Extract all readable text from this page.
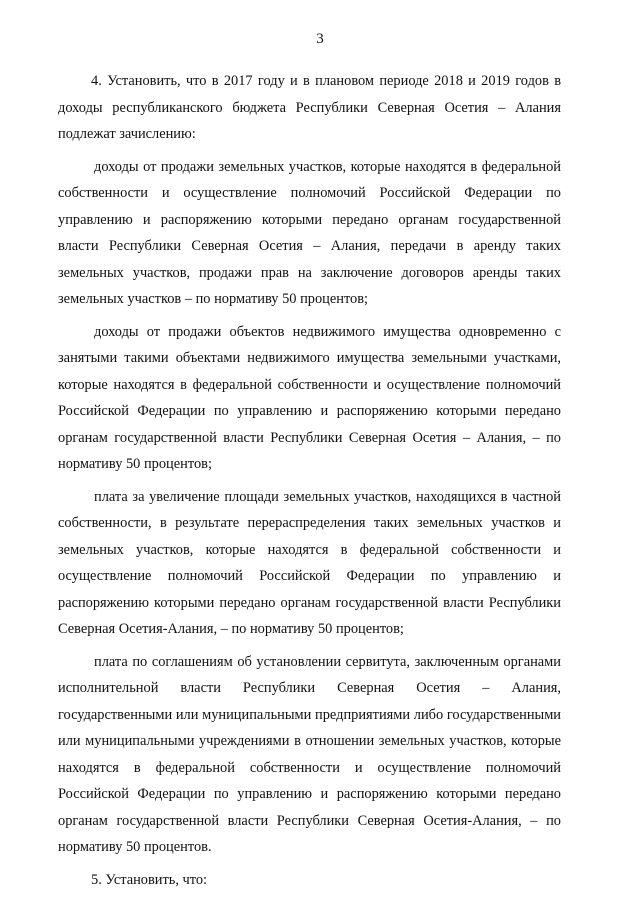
3

4. Установить, что в 2017 году и в плановом периоде 2018 и 2019 годов в доходы республиканского бюджета Республики Северная Осетия – Алания подлежат зачислению:

доходы от продажи земельных участков, которые находятся в федеральной собственности и осуществление полномочий Российской Федерации по управлению и распоряжению которыми передано органам государственной власти Республики Северная Осетия – Алания, передачи в аренду таких земельных участков, продажи прав на заключение договоров аренды таких земельных участков – по нормативу 50 процентов;

доходы от продажи объектов недвижимого имущества одновременно с занятыми такими объектами недвижимого имущества земельными участками, которые находятся в федеральной собственности и осуществление полномочий Российской Федерации по управлению и распоряжению которыми передано органам государственной власти Республики Северная Осетия – Алания, – по нормативу 50 процентов;

плата за увеличение площади земельных участков, находящихся в частной собственности, в результате перераспределения таких земельных участков и земельных участков, которые находятся в федеральной собственности и осуществление полномочий Российской Федерации по управлению и распоряжению которыми передано органам государственной власти Республики Северная Осетия-Алания, – по нормативу 50 процентов;

плата по соглашениям об установлении сервитута, заключенным органами исполнительной власти Республики Северная Осетия – Алания, государственными или муниципальными предприятиями либо государственными или муниципальными учреждениями в отношении земельных участков, которые находятся в федеральной собственности и осуществление полномочий Российской Федерации по управлению и распоряжению которыми передано органам государственной власти Республики Северная Осетия-Алания, – по нормативу 50 процентов.

5. Установить, что:
